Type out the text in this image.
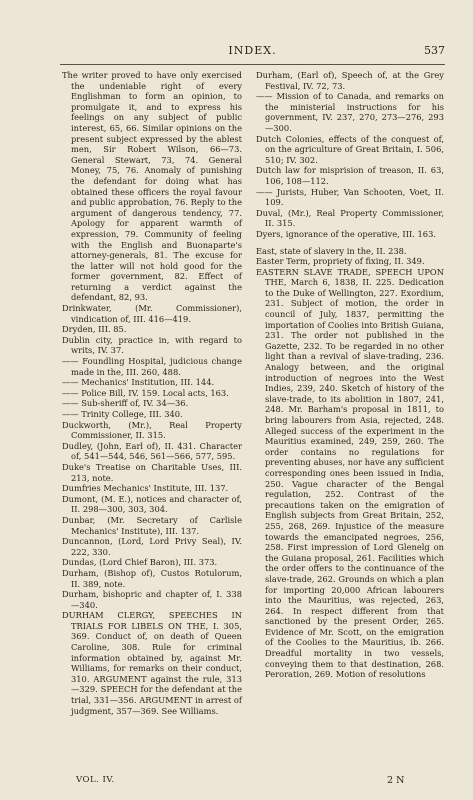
INDEX.	537

The writer proved to have only exercised the undeniable right of every Englishman to form an opinion, to promulgate it, and to express his feelings on any subject of public interest, 65, 66. Similar opinions on the present subject expressed by the ablest men, Sir Robert Wilson, 66—73. General Stewart, 73, 74. General Money, 75, 76. Anomaly of punishing the defendant for doing what has obtained these officers the royal favour and public approbation, 76. Reply to the argument of dangerous tendency, 77. Apology for apparent warmth of expression, 79. Community of feeling with the English and Buonaparte's attorney-generals, 81. The excuse for the latter will not hold good for the former government, 82. Effect of returning a verdict against the defendant, 82, 93.

Drinkwater, (Mr. Commissioner), vindication of, III. 416—419.

Dryden, III. 85.

Dublin city, practice in, with regard to writs, IV. 37.

—— Foundling Hospital, judicious change made in the, III. 260, 488.

—— Mechanics' Institution, III. 144.

—— Police Bill, IV. 159. Local acts, 163.

—— Sub-sheriff of, IV. 34—36.

—— Trinity College, III. 340.

Duckworth, (Mr.), Real Property Commissioner, II. 315.

Dudley, (John, Earl of), II. 431. Character of, 541—544, 546, 561—566, 577, 595.

Duke's Treatise on Charitable Uses, III. 213, note.

Dumfries Mechanics' Institute, III. 137.

Dumont, (M. E.), notices and character of, II. 298—300, 303, 304.

Dunbar, (Mr. Secretary of Carlisle Mechanics' Institute), III. 137.

Duncannon, (Lord, Lord Privy Seal), IV. 222, 330.

Dundas, (Lord Chief Baron), III. 373.

Durham, (Bishop of), Custos Rotulorum, II. 389, note.

Durham, bishopric and chapter of, I. 338—340.

DURHAM CLERGY, SPEECHES IN TRIALS FOR LIBELS ON THE, I. 305, 369. Conduct of, on death of Queen Caroline, 308. Rule for criminal information obtained by, against Mr. Williams, for remarks on their conduct, 310. ARGUMENT against the rule, 313—329. SPEECH for the defendant at the trial, 331—356. ARGUMENT in arrest of judgment, 357—369. See Williams.

Durham, (Earl of), Speech of, at the Grey Festival, IV. 72, 73.

—— Mission of to Canada, and remarks on the ministerial instructions for his government, IV. 237, 270, 273—276, 293—300.

Dutch Colonies, effects of the conquest of, on the agriculture of Great Britain, I. 506, 510; IV. 302.

Dutch law for misprision of treason, II. 63, 106, 108—112.

—— Jurists, Huber, Van Schooten, Voet, II. 109.

Duval, (Mr.), Real Property Commissioner, II. 315.

Dyers, ignorance of the operative, III. 163.

East, state of slavery in the, II. 238.

Easter Term, propriety of fixing, II. 349.

EASTERN SLAVE TRADE, SPEECH UPON THE, March 6, 1838, II. 225. Dedication to the Duke of Wellington, 227. Exordium, 231. Subject of motion, the order in council of July, 1837, permitting the importation of Coolies into British Guiana, 231. The order not published in the Gazette, 232. To be regarded in no other light than a revival of slave-trading, 236. Analogy between, and the original introduction of negroes into the West Indies, 239, 240. Sketch of history of the slave-trade, to its abolition in 1807, 241, 248. Mr. Barham's proposal in 1811, to bring labourers from Asia, rejected, 248. Alleged success of the experiment in the Mauritius examined, 249, 259, 260. The order contains no regulations for preventing abuses, nor have any sufficient corresponding ones been issued in India, 250. Vague character of the Bengal regulation, 252. Contrast of the precautions taken on the emigration of English subjects from Great Britain, 252, 255, 268, 269. Injustice of the measure towards the emancipated negroes, 256, 258. First impression of Lord Glenelg on the Guiana proposal, 261. Facilities which the order offers to the continuance of the slave-trade, 262. Grounds on which a plan for importing 20,000 African labourers into the Mauritius, was rejected, 263, 264. In respect different from that sanctioned by the present Order, 265. Evidence of Mr. Scott, on the emigration of the Coolies to the Mauritius, ib. 266. Dreadful mortality in two vessels, conveying them to that destination, 268. Peroration, 269. Motion of resolutions

VOL. IV.	2 N
